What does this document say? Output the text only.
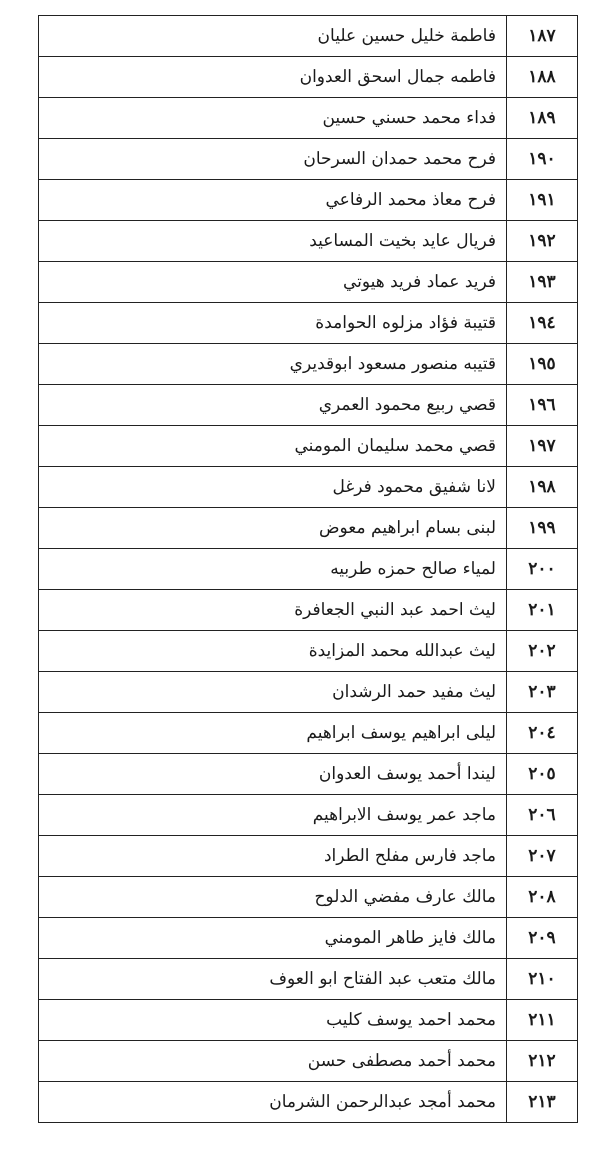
١٨٧	فاطمة خليل حسين عليان
١٨٨	فاطمه جمال اسحق العدوان
١٨٩	فداء محمد حسني حسين
١٩٠	فرح محمد حمدان السرحان
١٩١	فرح معاذ محمد الرفاعي
١٩٢	فريال عايد بخيت المساعيد
١٩٣	فريد عماد فريد هيوتي
١٩٤	قتيبة فؤاد مزلوه الحوامدة
١٩٥	قتيبه منصور مسعود ابوقديري
١٩٦	قصي ربيع محمود العمري
١٩٧	قصي محمد سليمان المومني
١٩٨	لانا شفيق محمود فرغل
١٩٩	لبنى بسام ابراهيم معوض
٢٠٠	لمياء صالح حمزه طربيه
٢٠١	ليث احمد عبد النبي الجعافرة
٢٠٢	ليث عبدالله محمد المزايدة
٢٠٣	ليث مفيد حمد الرشدان
٢٠٤	ليلى ابراهيم يوسف ابراهيم
٢٠٥	ليندا أحمد يوسف العدوان
٢٠٦	ماجد عمر يوسف الابراهيم
٢٠٧	ماجد فارس مفلح الطراد
٢٠٨	مالك عارف مفضي الدلوح
٢٠٩	مالك فايز طاهر المومني
٢١٠	مالك متعب عبد الفتاح ابو العوف
٢١١	محمد احمد يوسف كليب
٢١٢	محمد أحمد مصطفى حسن
٢١٣	محمد أمجد عبدالرحمن الشرمان
